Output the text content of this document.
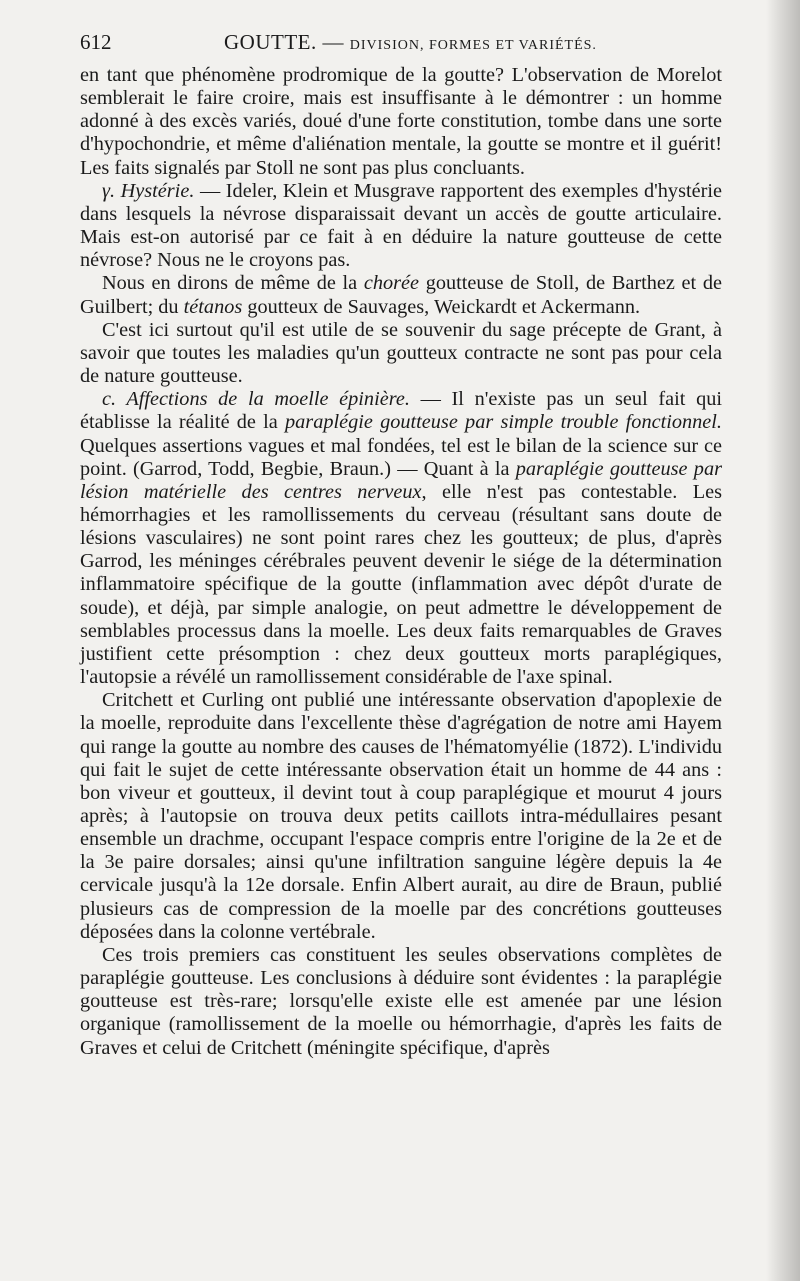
612	GOUTTE. — DIVISION, FORMES ET VARIÉTÉS.

en tant que phénomène prodromique de la goutte? L'observation de Morelot semblerait le faire croire, mais est insuffisante à le démontrer : un homme adonné à des excès variés, doué d'une forte constitution, tombe dans une sorte d'hypochondrie, et même d'aliénation mentale, la goutte se montre et il guérit! Les faits signalés par Stoll ne sont pas plus concluants.

γ. Hystérie. — Ideler, Klein et Musgrave rapportent des exemples d'hystérie dans lesquels la névrose disparaissait devant un accès de goutte articulaire. Mais est-on autorisé par ce fait à en déduire la nature goutteuse de cette névrose? Nous ne le croyons pas.

Nous en dirons de même de la chorée goutteuse de Stoll, de Barthez et de Guilbert; du tétanos goutteux de Sauvages, Weickardt et Ackermann.

C'est ici surtout qu'il est utile de se souvenir du sage précepte de Grant, à savoir que toutes les maladies qu'un goutteux contracte ne sont pas pour cela de nature goutteuse.

c. Affections de la moelle épinière. — Il n'existe pas un seul fait qui établisse la réalité de la paraplégie goutteuse par simple trouble fonctionnel. Quelques assertions vagues et mal fondées, tel est le bilan de la science sur ce point. (Garrod, Todd, Begbie, Braun.) — Quant à la paraplégie goutteuse par lésion matérielle des centres nerveux, elle n'est pas contestable. Les hémorrhagies et les ramollissements du cerveau (résultant sans doute de lésions vasculaires) ne sont point rares chez les goutteux; de plus, d'après Garrod, les méninges cérébrales peuvent devenir le siége de la détermination inflammatoire spécifique de la goutte (inflammation avec dépôt d'urate de soude), et déjà, par simple analogie, on peut admettre le développement de semblables processus dans la moelle. Les deux faits remarquables de Graves justifient cette présomption : chez deux goutteux morts paraplégiques, l'autopsie a révélé un ramollissement considérable de l'axe spinal.

Critchett et Curling ont publié une intéressante observation d'apoplexie de la moelle, reproduite dans l'excellente thèse d'agrégation de notre ami Hayem qui range la goutte au nombre des causes de l'hématomyélie (1872). L'individu qui fait le sujet de cette intéressante observation était un homme de 44 ans : bon viveur et goutteux, il devint tout à coup paraplégique et mourut 4 jours après; à l'autopsie on trouva deux petits caillots intra-médullaires pesant ensemble un drachme, occupant l'espace compris entre l'origine de la 2e et de la 3e paire dorsales; ainsi qu'une infiltration sanguine légère depuis la 4e cervicale jusqu'à la 12e dorsale. Enfin Albert aurait, au dire de Braun, publié plusieurs cas de compression de la moelle par des concrétions goutteuses déposées dans la colonne vertébrale.

Ces trois premiers cas constituent les seules observations complètes de paraplégie goutteuse. Les conclusions à déduire sont évidentes : la paraplégie goutteuse est très-rare; lorsqu'elle existe elle est amenée par une lésion organique (ramollissement de la moelle ou hémorrhagie, d'après les faits de Graves et celui de Critchett (méningite spécifique, d'après
